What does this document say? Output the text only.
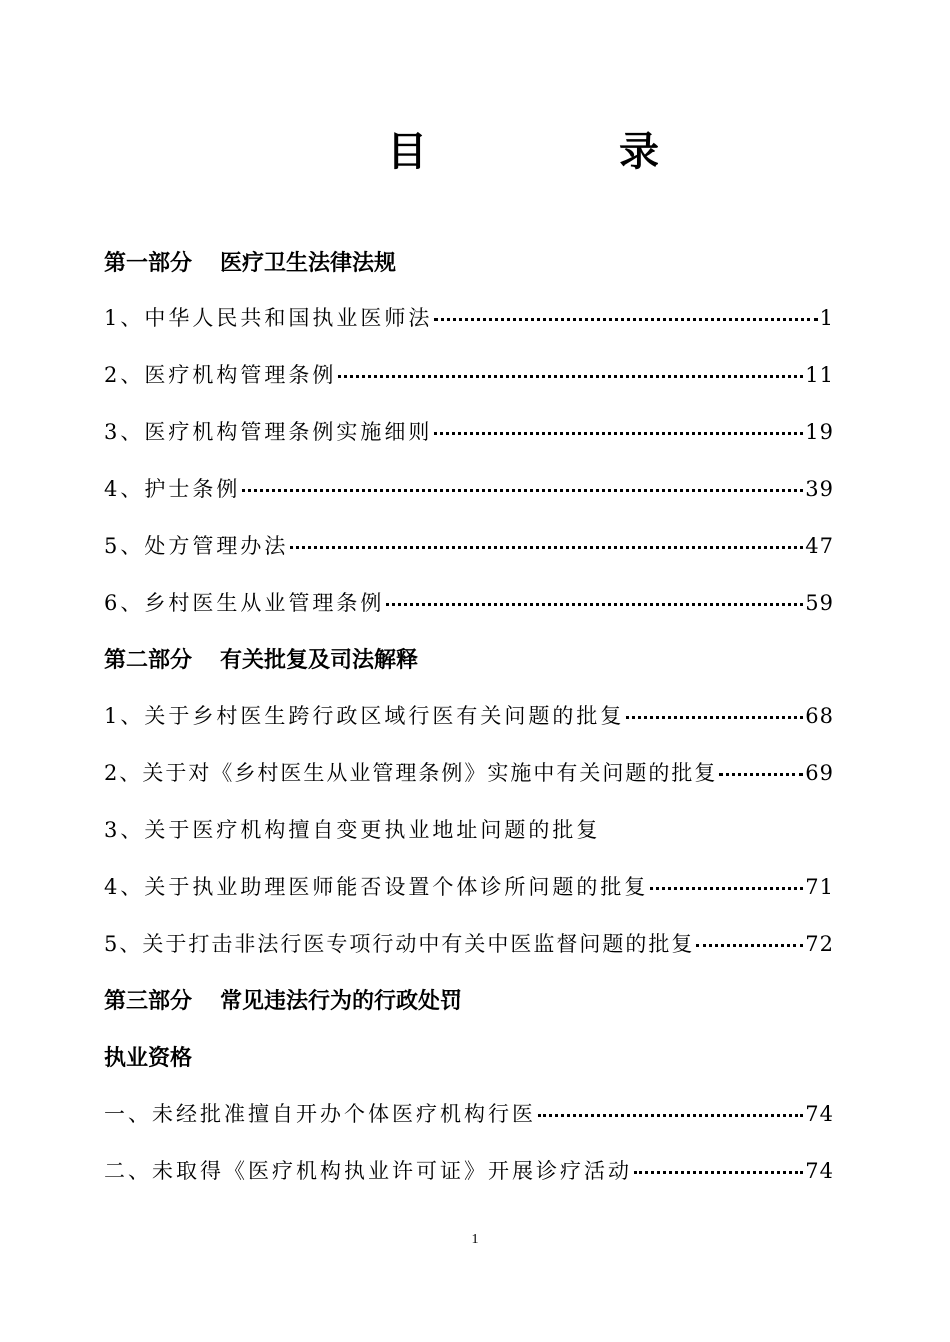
目 录
第一部分 医疗卫生法律法规
1、中华人民共和国执业医师法	1
2、医疗机构管理条例	11
3、医疗机构管理条例实施细则	19
4、护士条例	39
5、处方管理办法	47
6、乡村医生从业管理条例	59
第二部分 有关批复及司法解释
1、关于乡村医生跨行政区域行医有关问题的批复	68
2、关于对《乡村医生从业管理条例》实施中有关问题的批复	69
3、关于医疗机构擅自变更执业地址问题的批复
4、关于执业助理医师能否设置个体诊所问题的批复	71
5、关于打击非法行医专项行动中有关中医监督问题的批复	72
第三部分 常见违法行为的行政处罚
执业资格
一、未经批准擅自开办个体医疗机构行医	74
二、未取得《医疗机构执业许可证》开展诊疗活动	74
1
